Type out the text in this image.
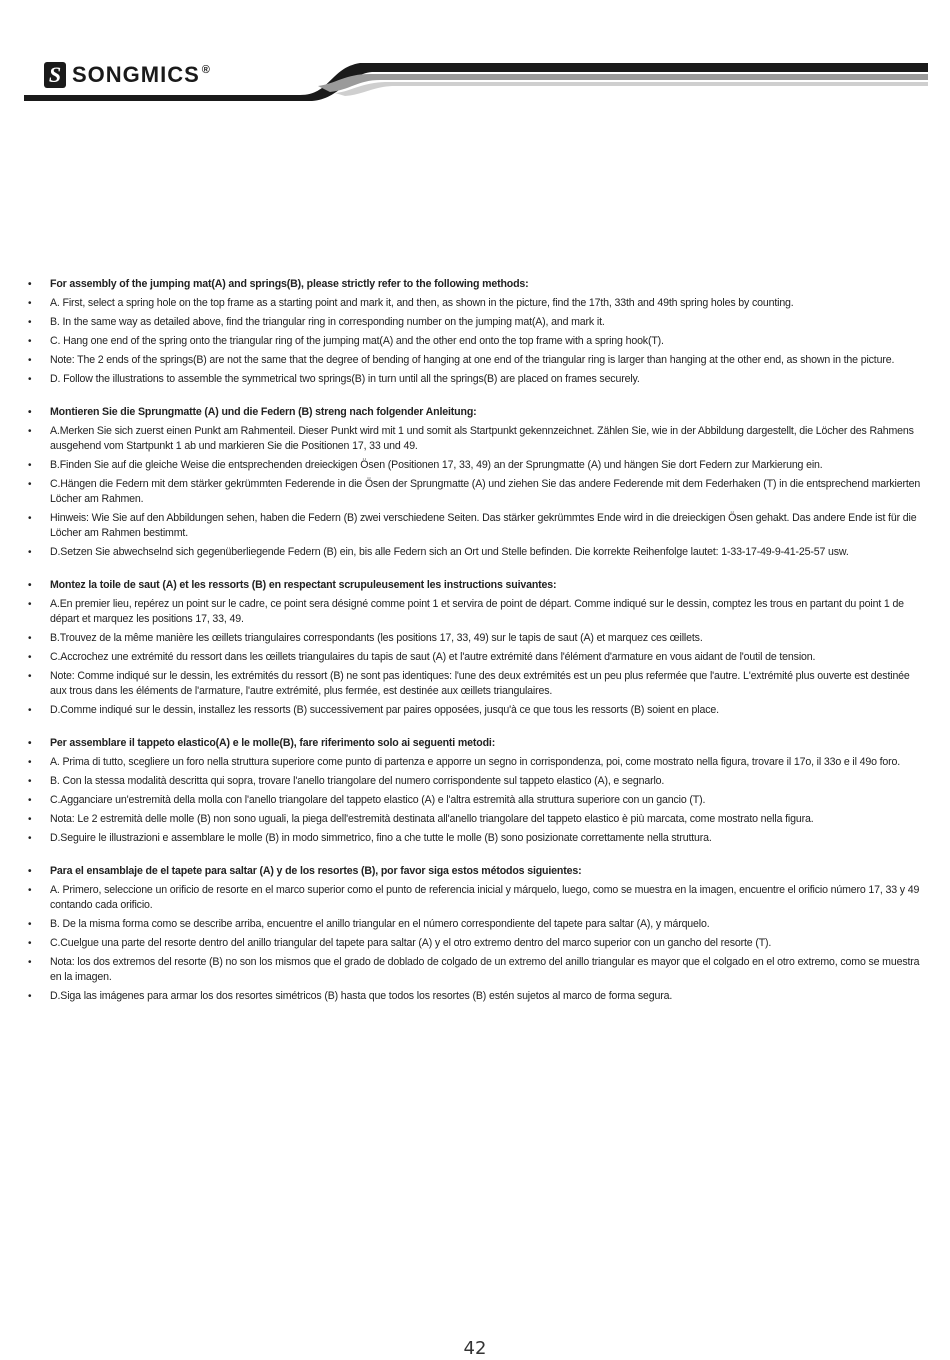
S SONGMICS ®
• For assembly of the jumping mat(A) and springs(B), please strictly refer to the following methods:
• A. First, select a spring hole on the top frame as a starting point and mark it, and then, as shown in the picture, find the 17th, 33th and 49th spring holes by counting.
• B. In the same way as detailed above, find the triangular ring in corresponding number on the jumping mat(A), and mark it.
• C. Hang one end of the spring onto the triangular ring of the jumping mat(A) and the other end onto the top frame with a spring hook(T).
• Note: The 2 ends of the springs(B) are not the same that the degree of bending of hanging at one end of the triangular ring is larger than hanging at the other end, as shown in the picture.
• D. Follow the illustrations to assemble the symmetrical two springs(B) in turn until all the springs(B) are placed on frames securely.
• Montieren Sie die Sprungmatte (A) und die Federn (B) streng nach folgender Anleitung:
• A.Merken Sie sich zuerst einen Punkt am Rahmenteil. Dieser Punkt wird mit 1 und somit als Startpunkt gekennzeichnet. Zählen Sie, wie in der Abbildung dargestellt, die Löcher des Rahmens ausgehend vom Startpunkt 1 ab und markieren Sie die Positionen 17, 33 und 49.
• B.Finden Sie auf die gleiche Weise die entsprechenden dreieckigen Ösen (Positionen 17, 33, 49) an der Sprungmatte (A) und hängen Sie dort Federn zur Markierung ein.
• C.Hängen die Federn mit dem stärker gekrümmten Federende in die Ösen der Sprungmatte (A) und ziehen Sie das andere Federende mit dem Federhaken (T) in die entsprechend markierten Löcher am Rahmen.
• Hinweis: Wie Sie auf den Abbildungen sehen, haben die Federn (B) zwei verschiedene Seiten. Das stärker gekrümmtes Ende wird in die dreieckigen Ösen gehakt. Das andere Ende ist für die Löcher am Rahmen bestimmt.
• D.Setzen Sie abwechselnd sich gegenüberliegende Federn (B) ein, bis alle Federn sich an Ort und Stelle befinden. Die korrekte Reihenfolge lautet: 1-33-17-49-9-41-25-57 usw.
• Montez la toile de saut (A) et les ressorts (B) en respectant scrupuleusement les instructions suivantes:
• A.En premier lieu, repérez un point sur le cadre, ce point sera désigné comme point 1 et servira de point de départ. Comme indiqué sur le dessin, comptez les trous en partant du point 1 de départ et marquez les positions 17, 33, 49.
• B.Trouvez de la même manière les œillets triangulaires correspondants (les positions 17, 33, 49) sur le tapis de saut (A) et marquez ces œillets.
• C.Accrochez une extrémité du ressort dans les œillets triangulaires du tapis de saut (A) et l'autre extrémité dans l'élément d'armature en vous aidant de l'outil de tension.
• Note: Comme indiqué sur le dessin, les extrémités du ressort (B) ne sont pas identiques: l'une des deux extrémités est un peu plus refermée que l'autre. L'extrémité plus ouverte est destinée aux trous dans les éléments de l'armature, l'autre extrémité, plus fermée, est destinée aux œillets triangulaires.
• D.Comme indiqué sur le dessin, installez les ressorts (B) successivement par paires opposées, jusqu'à ce que tous les ressorts (B) soient en place.
• Per assemblare il tappeto elastico(A) e le molle(B), fare riferimento solo ai seguenti metodi:
• A. Prima di tutto, scegliere un foro nella struttura superiore come punto di partenza e apporre un segno in corrispondenza, poi, come mostrato nella figura, trovare il 17o, il 33o e il 49o foro.
• B. Con la stessa modalità descritta qui sopra, trovare l'anello triangolare del numero corrispondente sul tappeto elastico (A), e segnarlo.
• C.Agganciare un'estremità della molla con l'anello triangolare del tappeto elastico (A) e l'altra estremità alla struttura superiore con un gancio (T).
• Nota: Le 2 estremità delle molle (B) non sono uguali, la piega dell'estremità destinata all'anello triangolare del tappeto elastico è più marcata, come mostrato nella figura.
• D.Seguire le illustrazioni e assemblare le molle (B) in modo simmetrico, fino a che tutte le molle (B) sono posizionate correttamente nella struttura.
• Para el ensamblaje de el tapete para saltar (A) y de los resortes (B), por favor siga estos métodos siguientes:
• A. Primero, seleccione un orificio de resorte en el marco superior como el punto de referencia inicial y márquelo, luego, como se muestra en la imagen, encuentre el orificio número 17, 33 y 49 contando cada orificio.
• B. De la misma forma como se describe arriba, encuentre el anillo triangular en el número correspondiente del tapete para saltar (A), y márquelo.
• C.Cuelgue una parte del resorte dentro del anillo triangular del tapete para saltar (A) y el otro extremo dentro del marco superior con un gancho del resorte (T).
• Nota: los dos extremos del resorte (B) no son los mismos que el grado de doblado de colgado de un extremo del anillo triangular es mayor que el colgado en el otro extremo, como se muestra en la imagen.
• D.Siga las imágenes para armar los dos resortes simétricos (B) hasta que todos los resortes (B) estén sujetos al marco de forma segura.
42
